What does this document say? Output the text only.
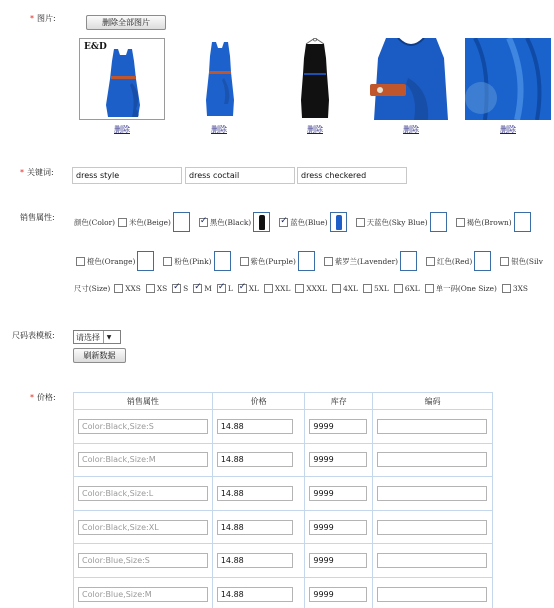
* 图片:	删除全部图片
E&D
删除	删除	删除	删除	删除
* 关键词:
dress style
dress coctail
dress checkered
销售属性:	颜色(Color) 米色(Beige) ✓	黑色(Black) ✓	蓝色(Blue)	天蓝色(Sky Blue)	褐色(Brown)
橙色(Orange)	粉色(Pink)	紫色(Purple)	紫罗兰(Lavender)	红色(Red)	银色(Silv
尺寸(Size) XXS XS ✓ S ✓ M ✓ L ✓ XL XXL XXXL 4XL 5XL 6XL 单一码(One Size) 3XS
尺码表模板:	请选择	▼
刷新数据
* 价格:	销售属性	价格	库存	编码

Color:Black,Size:S	14.88	9999	

Color:Black,Size:M	14.88	9999	

Color:Black,Size:L	14.88	9999	

Color:Black,Size:XL	14.88	9999	

Color:Blue,Size:S	14.88	9999	

Color:Blue,Size:M	14.88	9999	
